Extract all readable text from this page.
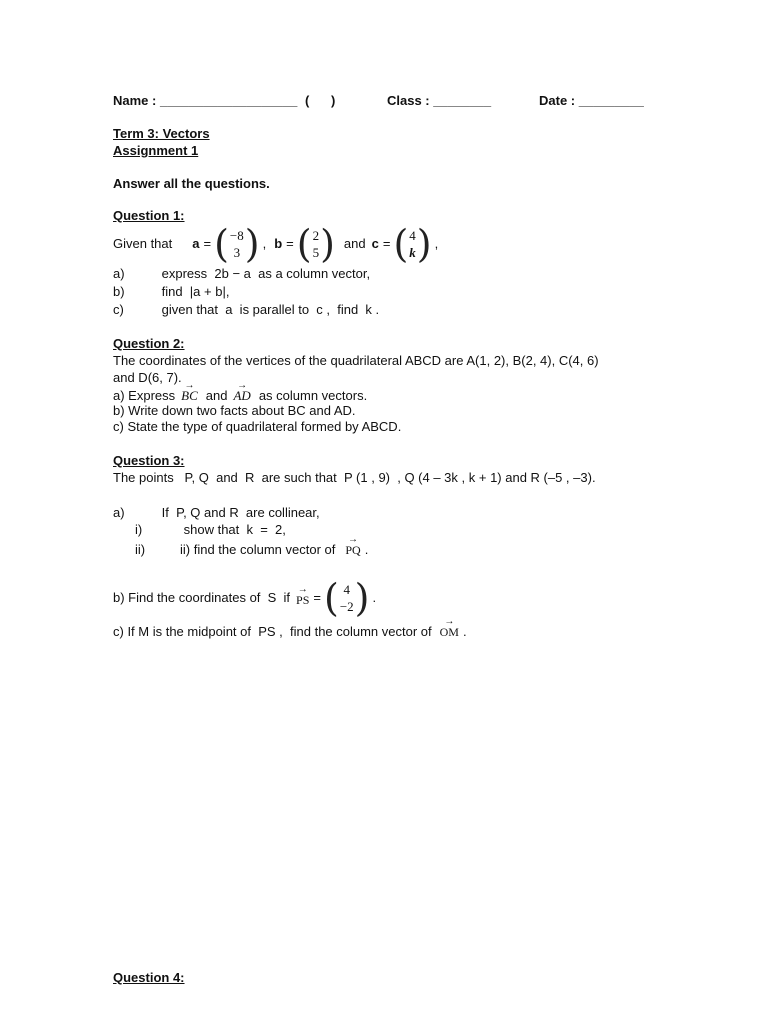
Name : ___________________ (      )	Class : ________	Date : _________
Term 3: Vectors
Assignment 1
Answer all the questions.
Question 1:
Given that a = ( −8
3 ) , b = ( 2
5 ) and c = ( 4
k ) ,
a)	express  2b − a  as a column vector,
b)	find  |a + b|,
c)	given that  a  is parallel to  c ,  find  k .
Question 2:
The coordinates of the vertices of the quadrilateral ABCD are A(1, 2), B(2, 4), C(4, 6)
and D(6, 7).
a) Express
→
BC and
→
AD as column vectors.
b) Write down two facts about BC and AD.
c) State the type of quadrilateral formed by ABCD.
Question 3:
The points   P, Q  and  R  are such that  P (1 , 9)  , Q (4 – 3k , k + 1) and R (–5 , –3).
a)	If  P, Q and R  are collinear,
i)	show that  k  =  2,
ii)	ii) find the column vector of
→
PQ .
b) Find the coordinates of  S  if
→
PS = ( 4
−2 ) .
c) If M is the midpoint of  PS ,  find the column vector of
→
OM .
Question 4:
